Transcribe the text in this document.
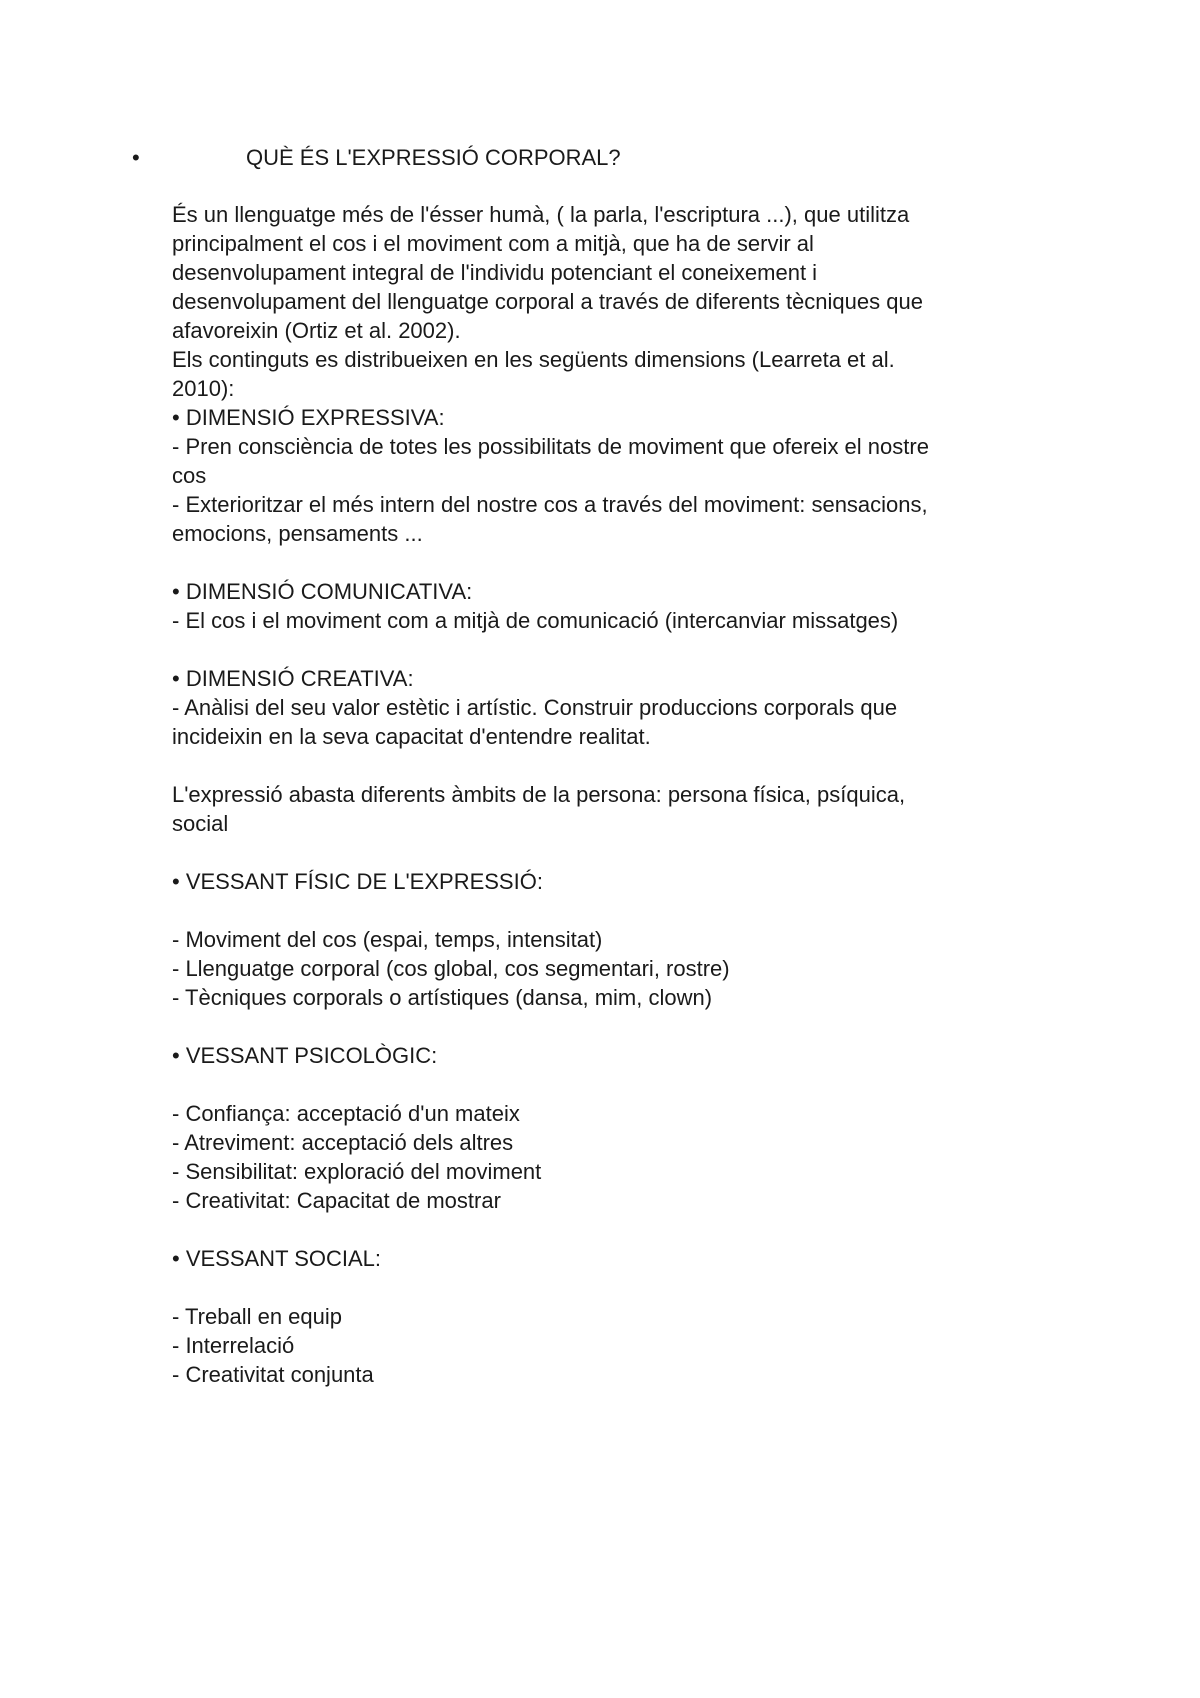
•	QUÈ ÉS L'EXPRESSIÓ CORPORAL?
És un llenguatge més de l'ésser humà, ( la parla, l'escriptura ...), que utilitza
principalment el cos i el moviment com a mitjà, que ha de servir al
desenvolupament integral de l'individu potenciant el coneixement i
desenvolupament del llenguatge corporal a través de diferents tècniques que
afavoreixin (Ortiz et al. 2002).
Els continguts es distribueixen en les següents dimensions (Learreta et al.
2010):
• DIMENSIÓ EXPRESSIVA:
- Pren consciència de totes les possibilitats de moviment que ofereix el nostre
cos
- Exterioritzar el més intern del nostre cos a través del moviment: sensacions,
emocions, pensaments ...
• DIMENSIÓ COMUNICATIVA:
- El cos i el moviment com a mitjà de comunicació (intercanviar missatges)
• DIMENSIÓ CREATIVA:
- Anàlisi del seu valor estètic i artístic. Construir produccions corporals que
incideixin en la seva capacitat d'entendre realitat.
L'expressió abasta diferents àmbits de la persona: persona física, psíquica,
social
• VESSANT FÍSIC DE L'EXPRESSIÓ:
- Moviment del cos (espai, temps, intensitat)
- Llenguatge corporal (cos global, cos segmentari, rostre)
- Tècniques corporals o artístiques (dansa, mim, clown)
• VESSANT PSICOLÒGIC:
- Confiança: acceptació d'un mateix
- Atreviment: acceptació dels altres
- Sensibilitat: exploració del moviment
- Creativitat: Capacitat de mostrar
• VESSANT SOCIAL:
- Treball en equip
- Interrelació
- Creativitat conjunta
